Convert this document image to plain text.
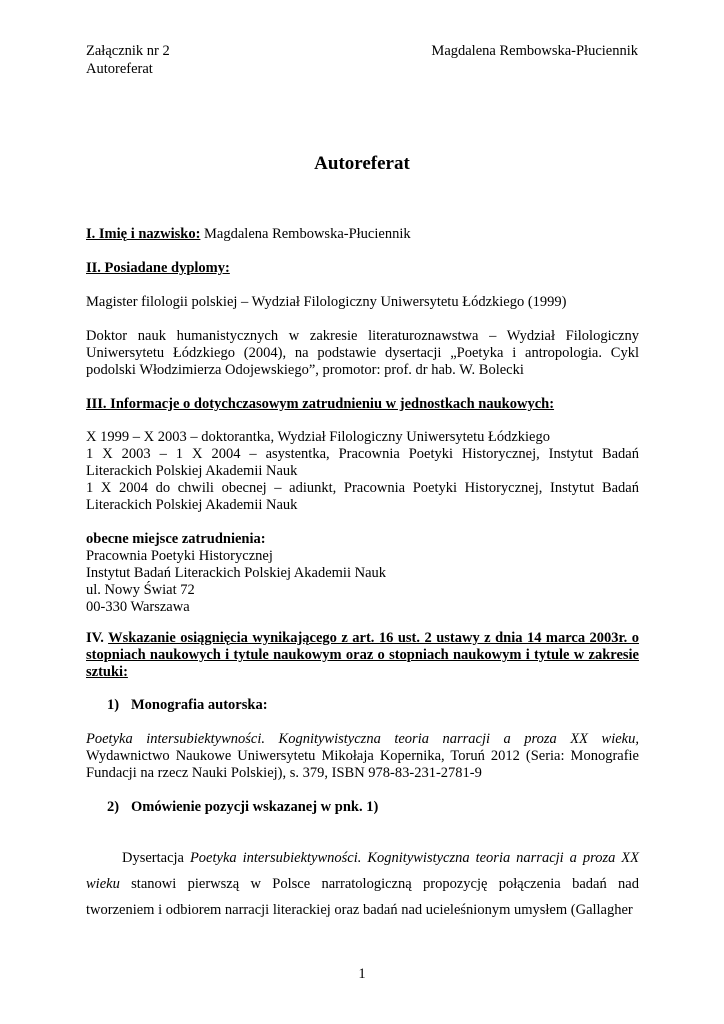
Załącznik nr 2
Autoreferat
Magdalena Rembowska-Płuciennik
Autoreferat
I. Imię i nazwisko: Magdalena Rembowska-Płuciennik
II. Posiadane dyplomy:
Magister filologii polskiej – Wydział Filologiczny Uniwersytetu Łódzkiego (1999)
Doktor nauk humanistycznych w zakresie literaturoznawstwa – Wydział Filologiczny Uniwersytetu Łódzkiego (2004), na podstawie dysertacji „Poetyka i antropologia. Cykl podolski Włodzimierza Odojewskiego”, promotor: prof. dr hab. W. Bolecki
III. Informacje o dotychczasowym zatrudnieniu w jednostkach naukowych:
X 1999 – X 2003 – doktorantka, Wydział Filologiczny Uniwersytetu Łódzkiego
1 X 2003 – 1 X 2004 – asystentka, Pracownia Poetyki Historycznej, Instytut Badań Literackich Polskiej Akademii Nauk
1 X 2004 do chwili obecnej – adiunkt, Pracownia Poetyki Historycznej, Instytut Badań Literackich Polskiej Akademii Nauk
obecne miejsce zatrudnienia:
Pracownia Poetyki Historycznej
Instytut Badań Literackich Polskiej Akademii Nauk
ul. Nowy Świat 72
00-330 Warszawa
IV. Wskazanie osiągnięcia wynikającego z art. 16 ust. 2 ustawy z dnia 14 marca 2003r. o stopniach naukowych i tytule naukowym oraz o stopniach naukowym i tytule w zakresie sztuki:
1) Monografia autorska:
Poetyka intersubiektywności. Kognitywistyczna teoria narracji a proza XX wieku, Wydawnictwo Naukowe Uniwersytetu Mikołaja Kopernika, Toruń 2012 (Seria: Monografie Fundacji na rzecz Nauki Polskiej), s. 379, ISBN 978-83-231-2781-9
2) Omówienie pozycji wskazanej w pnk. 1)
Dysertacja Poetyka intersubiektywności. Kognitywistyczna teoria narracji a proza XX wieku stanowi pierwszą w Polsce narratologiczną propozycję połączenia badań nad tworzeniem i odbiorem narracji literackiej oraz badań nad ucieleśnionym umysłem (Gallagher
1
